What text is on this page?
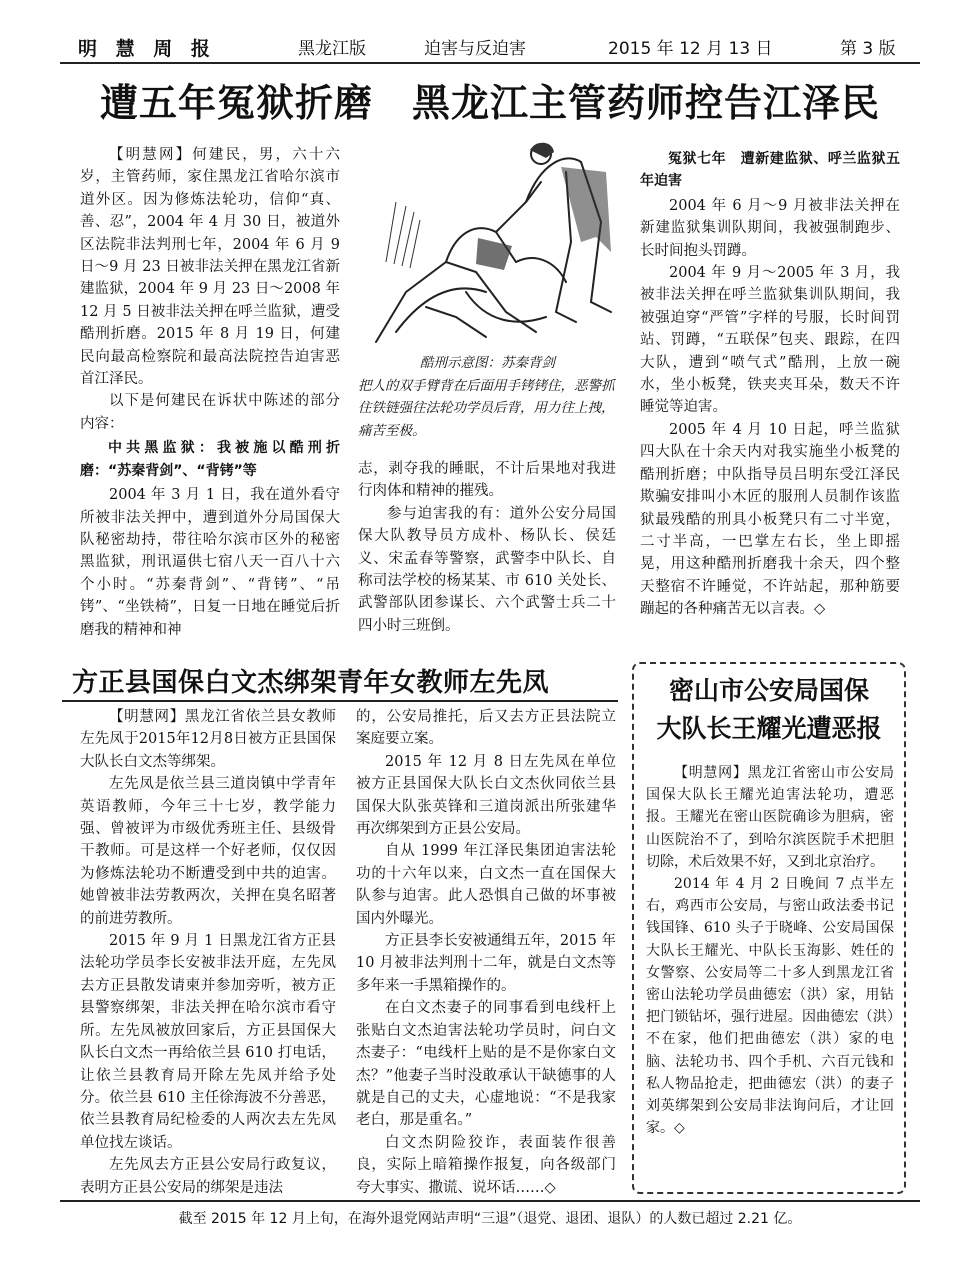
明 慧 周 报	黑龙江版	迫害与反迫害	2015 年 12 月 13 日	第 3 版
遭五年冤狱折磨　黑龙江主管药师控告江泽民

【明慧网】何建民，男，六十六岁，主管药师，家住黑龙江省哈尔滨市道外区。因为修炼法轮功，信仰“真、善、忍”，2004 年 4 月 30 日，被道外区法院非法判刑七年，2004 年 6 月 9 日～9 月 23 日被非法关押在黑龙江省新建监狱，2004 年 9 月 23 日～2008 年 12 月 5 日被非法关押在呼兰监狱，遭受酷刑折磨。2015 年 8 月 19 日，何建民向最高检察院和最高法院控告迫害恶首江泽民。

以下是何建民在诉状中陈述的部分内容：

中共黑监狱：我被施以酷刑折磨：“苏秦背剑”、“背铐”等

2004 年 3 月 1 日，我在道外看守所被非法关押中，遭到道外分局国保大队秘密劫持，带往哈尔滨市区外的秘密黑监狱，刑讯逼供七宿八天一百八十六个小时。“苏秦背剑”、“背铐”、“吊铐”、“坐铁椅”，日复一日地在睡觉后折磨我的精神和神

酷刑示意图：苏秦背剑

把人的双手臂背在后面用手铐铐住，恶警抓住铁链强往法轮功学员后背，用力往上拽，痛苦至极。

志，剥夺我的睡眠，不计后果地对我进行肉体和精神的摧残。

参与迫害我的有：道外公安分局国保大队教导员方成朴、杨队长、侯廷义、宋孟春等警察，武警李中队长、自称司法学校的杨某某、市 610 关处长、武警部队团参谋长、六个武警士兵二十四小时三班倒。

冤狱七年　遭新建监狱、呼兰监狱五年迫害

2004 年 6 月～9 月被非法关押在新建监狱集训队期间，我被强制跑步、长时间抱头罚蹲。

2004 年 9 月～2005 年 3 月，我被非法关押在呼兰监狱集训队期间，我被强迫穿“严管”字样的号服，长时间罚站、罚蹲，“五联保”包夹、跟踪，在四大队，遭到“喷气式”酷刑，上放一碗水，坐小板凳，铁夹夹耳朵，数天不许睡觉等迫害。

2005 年 4 月 10 日起，呼兰监狱四大队在十余天内对我实施坐小板凳的酷刑折磨；中队指导员吕明东受江泽民欺骗安排叫小木匠的服刑人员制作该监狱最残酷的刑具小板凳只有二寸半宽，二寸半高，一巴掌左右长，坐上即摇晃，用这种酷刑折磨我十余天，四个整天整宿不许睡觉，不许站起，那种筋要蹦起的各种痛苦无以言表。◇

方正县国保白文杰绑架青年女教师左先凤

【明慧网】黑龙江省依兰县女教师左先凤于2015年12月8日被方正县国保大队长白文杰等绑架。

左先凤是依兰县三道岗镇中学青年英语教师，今年三十七岁，教学能力强、曾被评为市级优秀班主任、县级骨干教师。可是这样一个好老师，仅仅因为修炼法轮功不断遭受到中共的迫害。她曾被非法劳教两次，关押在臭名昭著的前进劳教所。

2015 年 9 月 1 日黑龙江省方正县法轮功学员李长安被非法开庭，左先凤去方正县散发请柬并参加旁听，被方正县警察绑架，非法关押在哈尔滨市看守所。左先凤被放回家后，方正县国保大队长白文杰一再给依兰县 610 打电话，让依兰县教育局开除左先凤并给予处分。依兰县 610 主任徐海波不分善恶，依兰县教育局纪检委的人两次去左先凤单位找左谈话。

左先凤去方正县公安局行政复议，表明方正县公安局的绑架是违法

的，公安局推托，后又去方正县法院立案庭要立案。

2015 年 12 月 8 日左先凤在单位被方正县国保大队长白文杰伙同依兰县国保大队张英锋和三道岗派出所张建华再次绑架到方正县公安局。

自从 1999 年江泽民集团迫害法轮功的十六年以来，白文杰一直在国保大队参与迫害。此人恐惧自己做的坏事被国内外曝光。

方正县李长安被通缉五年，2015 年 10 月被非法判刑十二年，就是白文杰等多年来一手黑箱操作的。

在白文杰妻子的同事看到电线杆上张贴白文杰迫害法轮功学员时，问白文杰妻子：“电线杆上贴的是不是你家白文杰？”他妻子当时没敢承认干缺德事的人就是自己的丈夫，心虚地说：“不是我家老白，那是重名。”

白文杰阴险狡诈，表面装作很善良，实际上暗箱操作报复，向各级部门夸大事实、撒谎、说坏话……◇

密山市公安局国保
大队长王耀光遭恶报

【明慧网】黑龙江省密山市公安局国保大队长王耀光迫害法轮功，遭恶报。王耀光在密山医院确诊为胆病，密山医院治不了，到哈尔滨医院手术把胆切除，术后效果不好，又到北京治疗。

2014 年 4 月 2 日晚间 7 点半左右，鸡西市公安局，与密山政法委书记钱国锋、610 头子于晓峰、公安局国保大队长王耀光、中队长玉海影、姓任的女警察、公安局等二十多人到黑龙江省密山法轮功学员曲德宏（洪）家，用钻把门锁钻坏，强行进屋。因曲德宏（洪）不在家，他们把曲德宏（洪）家的电脑、法轮功书、四个手机、六百元钱和私人物品抢走，把曲德宏（洪）的妻子刘英绑架到公安局非法询问后，才让回家。◇

截至 2015 年 12 月上旬，在海外退党网站声明“三退”（退党、退团、退队）的人数已超过 2.21 亿。
